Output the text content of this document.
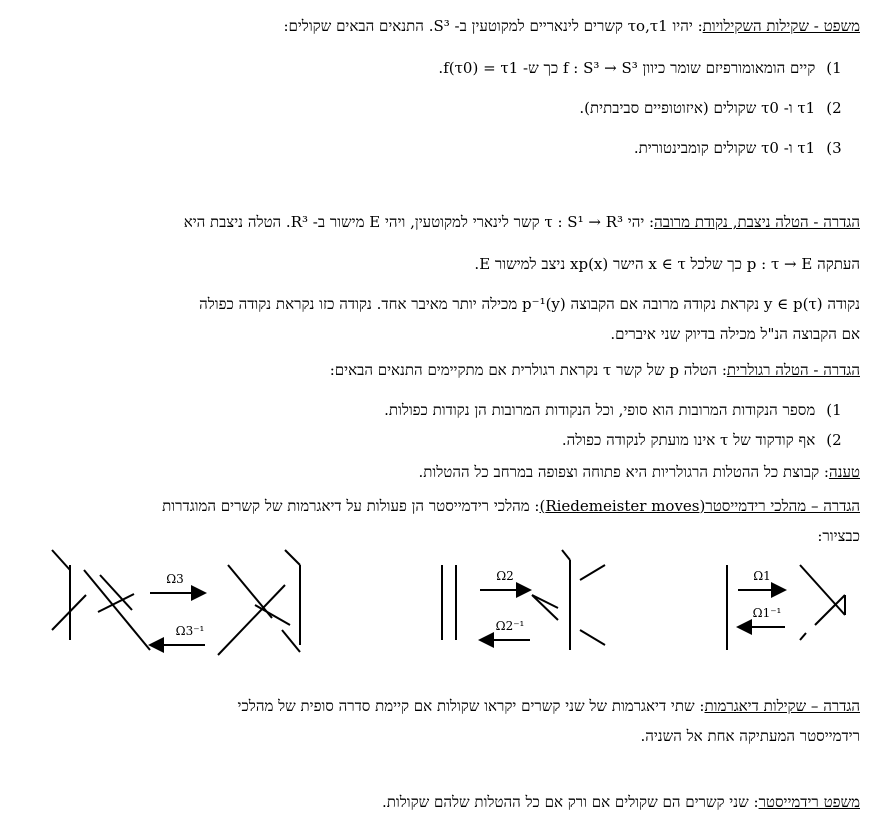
משפט - שקילות השקילויות: יהיו τo,τ1 קשרים לינאריים למקוטעין ב- S³. התנאים הבאים שקולים:
1) קיים הומאומורפיזם שומר כיוון f : S³ → S³ כך ש- f(τ0) = τ1.
2) τ1 ו- τ0 שקולים (איזוטופיים סביבתית).
3) τ1 ו- τ0 שקולים קומבינטורית.
הגדרה - הטלה ניצבת, נקודת מרובה: יהי τ : S¹ → R³ קשר לינארי למקוטעין, ויהי E מישור ב- R³. הטלה ניצבת היא
העתקה p : τ → E כך שלכל x ∈ τ הישר xp(x) ניצב למישור E.
נקודה y ∈ p(τ) נקראת נקודה מרובה אם הקבוצה p⁻¹(y) מכילה יותר מאיבר אחד. נקודה כזו נקראת נקודה כפולה
אם הקבוצה הנ"ל מכילה בדיוק שני איברים.
הגדרה - הטלה רגולרית: הטלה p של קשר τ נקראת רגולרית אם מתקיימים התנאים הבאים:
1) מספר הנקודות המרובות הוא סופי, וכל הנקודות המרובות הן נקודות כפולות.
2) אף קודקוד של τ אינו מועתק לנקודה כפולה.
טענה: קבוצת כל ההטלות הרגולריות היא פתוחה וצפופה במרחב כל ההטלות.
הגדרה – מהלכי רידמייסטר(Riedemeister moves): מהלכי רידמייסטר הן פעולות על דיאגרמות של קשרים המוגדרות
כבציור:
Ω3
Ω3⁻¹
Ω2
Ω2⁻¹
Ω1
Ω1⁻¹
הגדרה – שקילות דיאגרמות: שתי דיאגרמות של שני קשרים יקראו שקולות אם קיימת סדרה סופית של מהלכי
רידמייסטר המעתיקה אחת אל השניה.
משפט רידמייסטר: שני קשרים הם שקולים אם ורק אם כל ההטלות שלהם שקולות.
